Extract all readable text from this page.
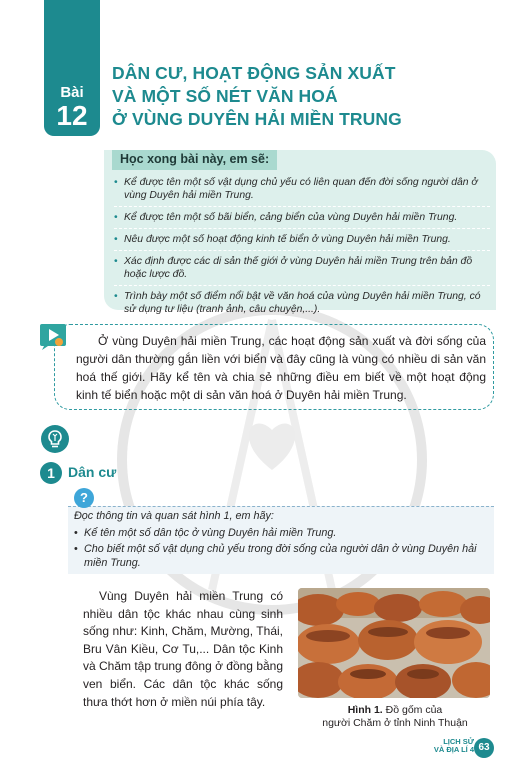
Bài
12
DÂN CƯ, HOẠT ĐỘNG SẢN XUẤT
VÀ MỘT SỐ NÉT VĂN HOÁ
Ở VÙNG DUYÊN HẢI MIỀN TRUNG
Học xong bài này, em sẽ:
• Kể được tên một số vật dụng chủ yếu có liên quan đến đời sống người dân ở vùng Duyên hải miền Trung.
• Kể được tên một số bãi biển, cảng biển của vùng Duyên hải miền Trung.
• Nêu được một số hoạt động kinh tế biển ở vùng Duyên hải miền Trung.
• Xác định được các di sản thế giới ở vùng Duyên hải miền Trung trên bản đồ hoặc lược đồ.
• Trình bày một số điểm nổi bật về văn hoá của vùng Duyên hải miền Trung, có sử dụng tư liệu (tranh ảnh, câu chuyện,...).

Ở vùng Duyên hải miền Trung, các hoạt động sản xuất và đời sống của người dân thường gắn liền với biển và đây cũng là vùng có nhiều di sản văn hoá thế giới. Hãy kể tên và chia sẻ những điều em biết về một hoạt động kinh tế biển hoặc một di sản văn hoá ở Duyên hải miền Trung.

1 Dân cư
?
Đọc thông tin và quan sát hình 1, em hãy:
• Kể tên một số dân tộc ở vùng Duyên hải miền Trung.
• Cho biết một số vật dụng chủ yếu trong đời sống của người dân ở vùng Duyên hải miền Trung.

Vùng Duyên hải miền Trung có nhiều dân tộc khác nhau cùng sinh sống như: Kinh, Chăm, Mường, Thái, Bru Vân Kiều, Cơ Tu,... Dân tộc Kinh và Chăm tập trung đông ở đồng bằng ven biển. Các dân tộc khác sống thưa thớt hơn ở miền núi phía tây.

Hình 1. Đồ gốm của
người Chăm ở tỉnh Ninh Thuận
LỊCH SỬ
VÀ ĐỊA LÍ 4 63
